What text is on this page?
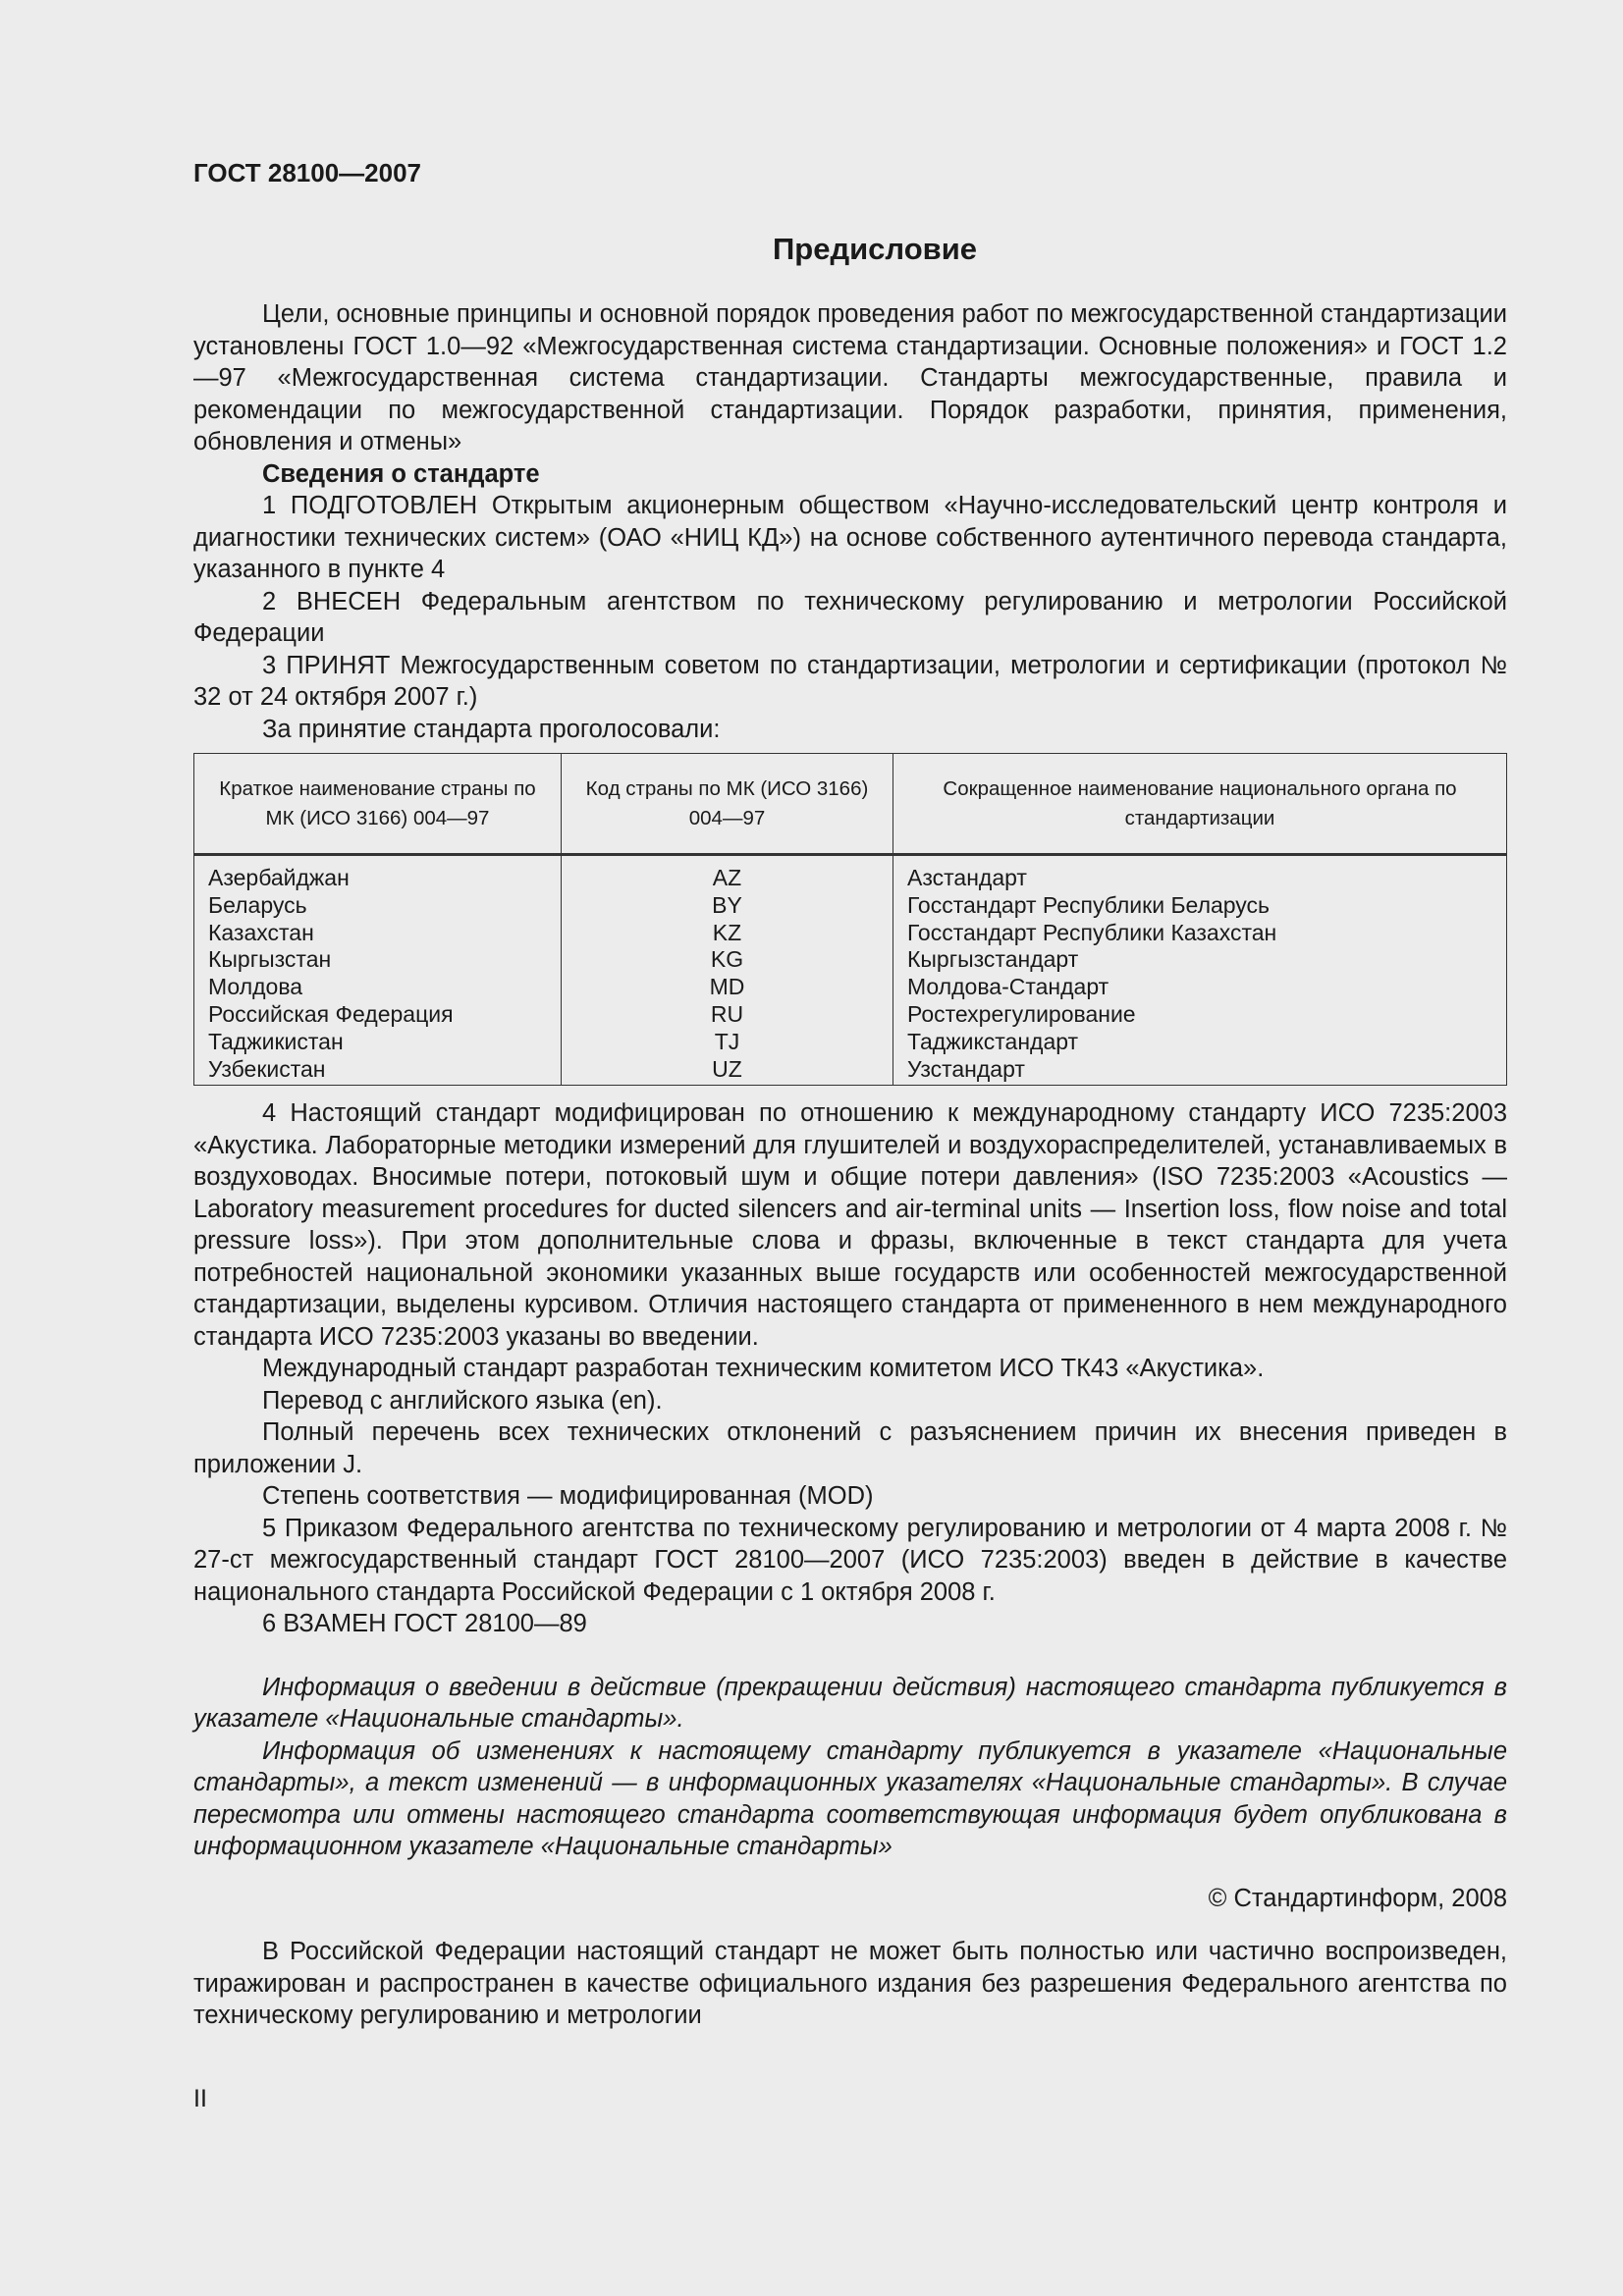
ГОСТ 28100—2007
Предисловие

Цели, основные принципы и основной порядок проведения работ по межгосударственной стандартизации установлены ГОСТ 1.0—92 «Межгосударственная система стандартизации. Основные положения» и ГОСТ 1.2—97 «Межгосударственная система стандартизации. Стандарты межгосударственные, правила и рекомендации по межгосударственной стандартизации. Порядок разработки, принятия, применения, обновления и отмены»

Сведения о стандарте

1 ПОДГОТОВЛЕН Открытым акционерным обществом «Научно-исследовательский центр контроля и диагностики технических систем» (ОАО «НИЦ КД») на основе собственного аутентичного перевода стандарта, указанного в пункте 4

2 ВНЕСЕН Федеральным агентством по техническому регулированию и метрологии Российской Федерации

3 ПРИНЯТ Межгосударственным советом по стандартизации, метрологии и сертификации (протокол № 32 от 24 октября 2007 г.)

За принятие стандарта проголосовали:

Краткое наименование страны по МК (ИСО 3166) 004—97	Код страны по МК (ИСО 3166) 004—97	Сокращенное наименование национального органа по стандартизации
Азербайджан	AZ	Азстандарт
Беларусь	BY	Госстандарт Республики Беларусь
Казахстан	KZ	Госстандарт Республики Казахстан
Кыргызстан	KG	Кыргызстандарт
Молдова	MD	Молдова-Стандарт
Российская Федерация	RU	Ростехрегулирование
Таджикистан	TJ	Таджикстандарт
Узбекистан	UZ	Узстандарт

4 Настоящий стандарт модифицирован по отношению к международному стандарту ИСО 7235:2003 «Акустика. Лабораторные методики измерений для глушителей и воздухораспределителей, устанавливаемых в воздуховодах. Вносимые потери, потоковый шум и общие потери давления» (ISO 7235:2003 «Acoustics — Laboratory measurement procedures for ducted silencers and air-terminal units — Insertion loss, flow noise and total pressure loss»). При этом дополнительные слова и фразы, включенные в текст стандарта для учета потребностей национальной экономики указанных выше государств или особенностей межгосударственной стандартизации, выделены курсивом. Отличия настоящего стандарта от примененного в нем международного стандарта ИСО 7235:2003 указаны во введении.

Международный стандарт разработан техническим комитетом ИСО ТК43 «Акустика».

Перевод с английского языка (en).

Полный перечень всех технических отклонений с разъяснением причин их внесения приведен в приложении J.

Степень соответствия — модифицированная (MOD)

5 Приказом Федерального агентства по техническому регулированию и метрологии от 4 марта 2008 г. № 27-ст межгосударственный стандарт ГОСТ 28100—2007 (ИСО 7235:2003) введен в действие в качестве национального стандарта Российской Федерации с 1 октября 2008 г.

6 ВЗАМЕН ГОСТ 28100—89

Информация о введении в действие (прекращении действия) настоящего стандарта публикуется в указателе «Национальные стандарты».

Информация об изменениях к настоящему стандарту публикуется в указателе «Национальные стандарты», а текст изменений — в информационных указателях «Национальные стандарты». В случае пересмотра или отмены настоящего стандарта соответствующая информация будет опубликована в информационном указателе «Национальные стандарты»

© Стандартинформ, 2008

В Российской Федерации настоящий стандарт не может быть полностью или частично воспроизведен, тиражирован и распространен в качестве официального издания без разрешения Федерального агентства по техническому регулированию и метрологии

II
